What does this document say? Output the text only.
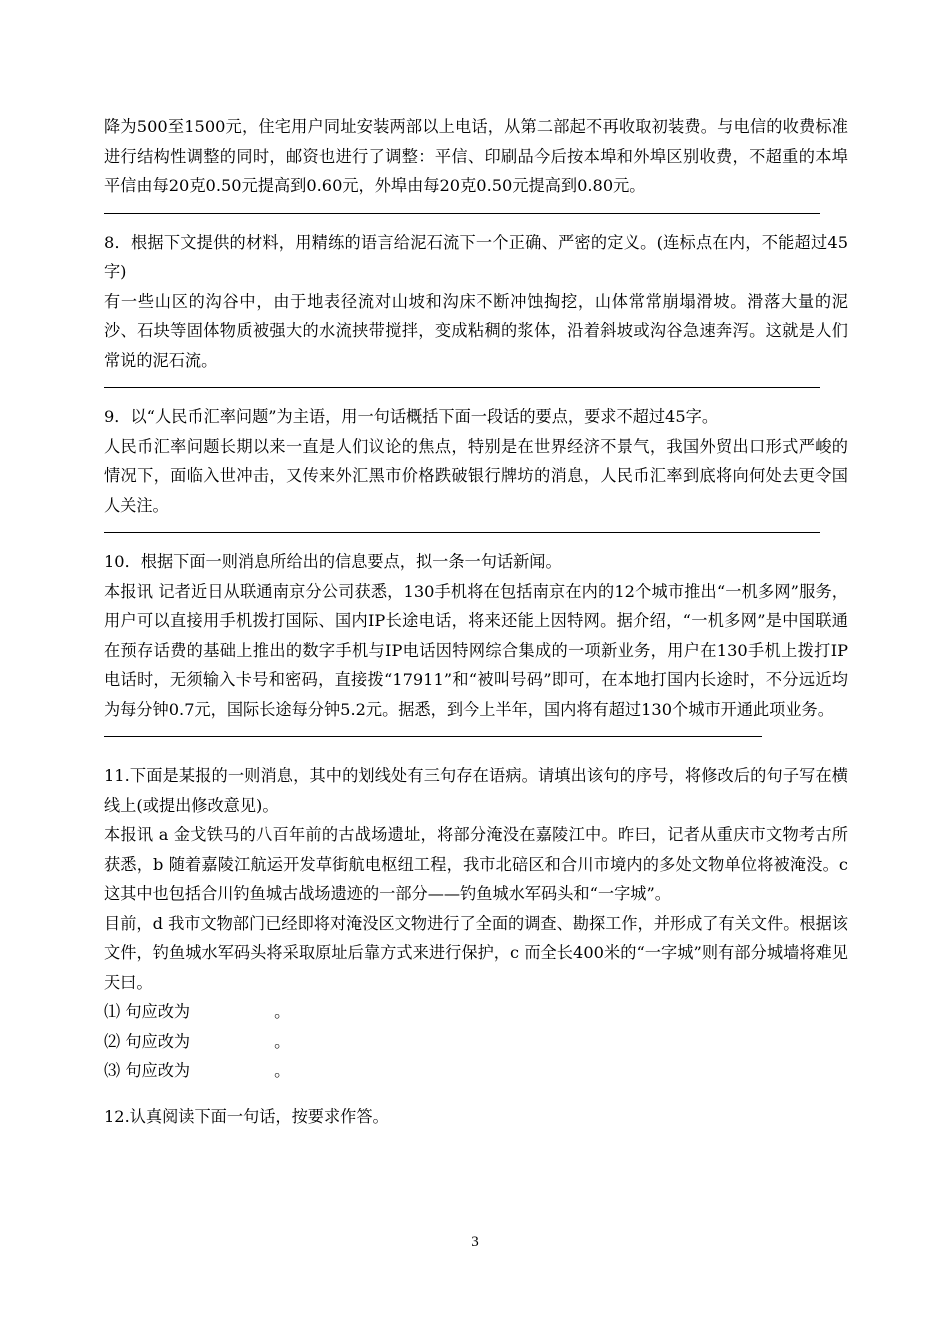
降为500至1500元，住宅用户同址安装两部以上电话，从第二部起不再收取初装费。与电信的收费标准进行结构性调整的同时，邮资也进行了调整：平信、印刷品今后按本埠和外埠区别收费，不超重的本埠平信由每20克0.50元提高到0.60元，外埠由每20克0.50元提高到0.80元。

8．根据下文提供的材料，用精练的语言给泥石流下一个正确、严密的定义。(连标点在内，不能超过45字)

有一些山区的沟谷中，由于地表径流对山坡和沟床不断冲蚀掏挖，山体常常崩塌滑坡。滑落大量的泥沙、石块等固体物质被强大的水流挟带搅拌，变成粘稠的浆体，沿着斜坡或沟谷急速奔泻。这就是人们常说的泥石流。

9．以“人民币汇率问题”为主语，用一句话概括下面一段话的要点，要求不超过45字。

人民币汇率问题长期以来一直是人们议论的焦点，特别是在世界经济不景气，我国外贸出口形式严峻的情况下，面临入世冲击，又传来外汇黑市价格跌破银行牌坊的消息，人民币汇率到底将向何处去更令国人关注。

10．根据下面一则消息所给出的信息要点，拟一条一句话新闻。

本报讯 记者近日从联通南京分公司获悉，130手机将在包括南京在内的12个城市推出“一机多网”服务，用户可以直接用手机拨打国际、国内IP长途电话，将来还能上因特网。据介绍，“一机多网”是中国联通在预存话费的基础上推出的数字手机与IP电话因特网综合集成的一项新业务，用户在130手机上拨打IP电话时，无须输入卡号和密码，直接拨“17911”和“被叫号码”即可，在本地打国内长途时，不分远近均为每分钟0.7元，国际长途每分钟5.2元。据悉，到今上半年，国内将有超过130个城市开通此项业务。

11.下面是某报的一则消息，其中的划线处有三句存在语病。请填出该句的序号，将修改后的句子写在横线上(或提出修改意见)。

本报讯 a 金戈铁马的八百年前的古战场遗址，将部分淹没在嘉陵江中。昨曰，记者从重庆市文物考古所获悉，b 随着嘉陵江航运开发草街航电枢纽工程，我市北碚区和合川市境内的多处文物单位将被淹没。c 这其中也包括合川钓鱼城古战场遗迹的一部分——钓鱼城水军码头和“一字城”。

目前，d 我市文物部门已经即将对淹没区文物进行了全面的调查、勘探工作，并形成了有关文件。根据该文件，钓鱼城水军码头将采取原址后靠方式来进行保护，c 而全长400米的“一字城”则有部分城墙将难见天曰。

⑴ 句应改为	。
⑵ 句应改为	。
⑶ 句应改为	。

12.认真阅读下面一句话，按要求作答。

3
